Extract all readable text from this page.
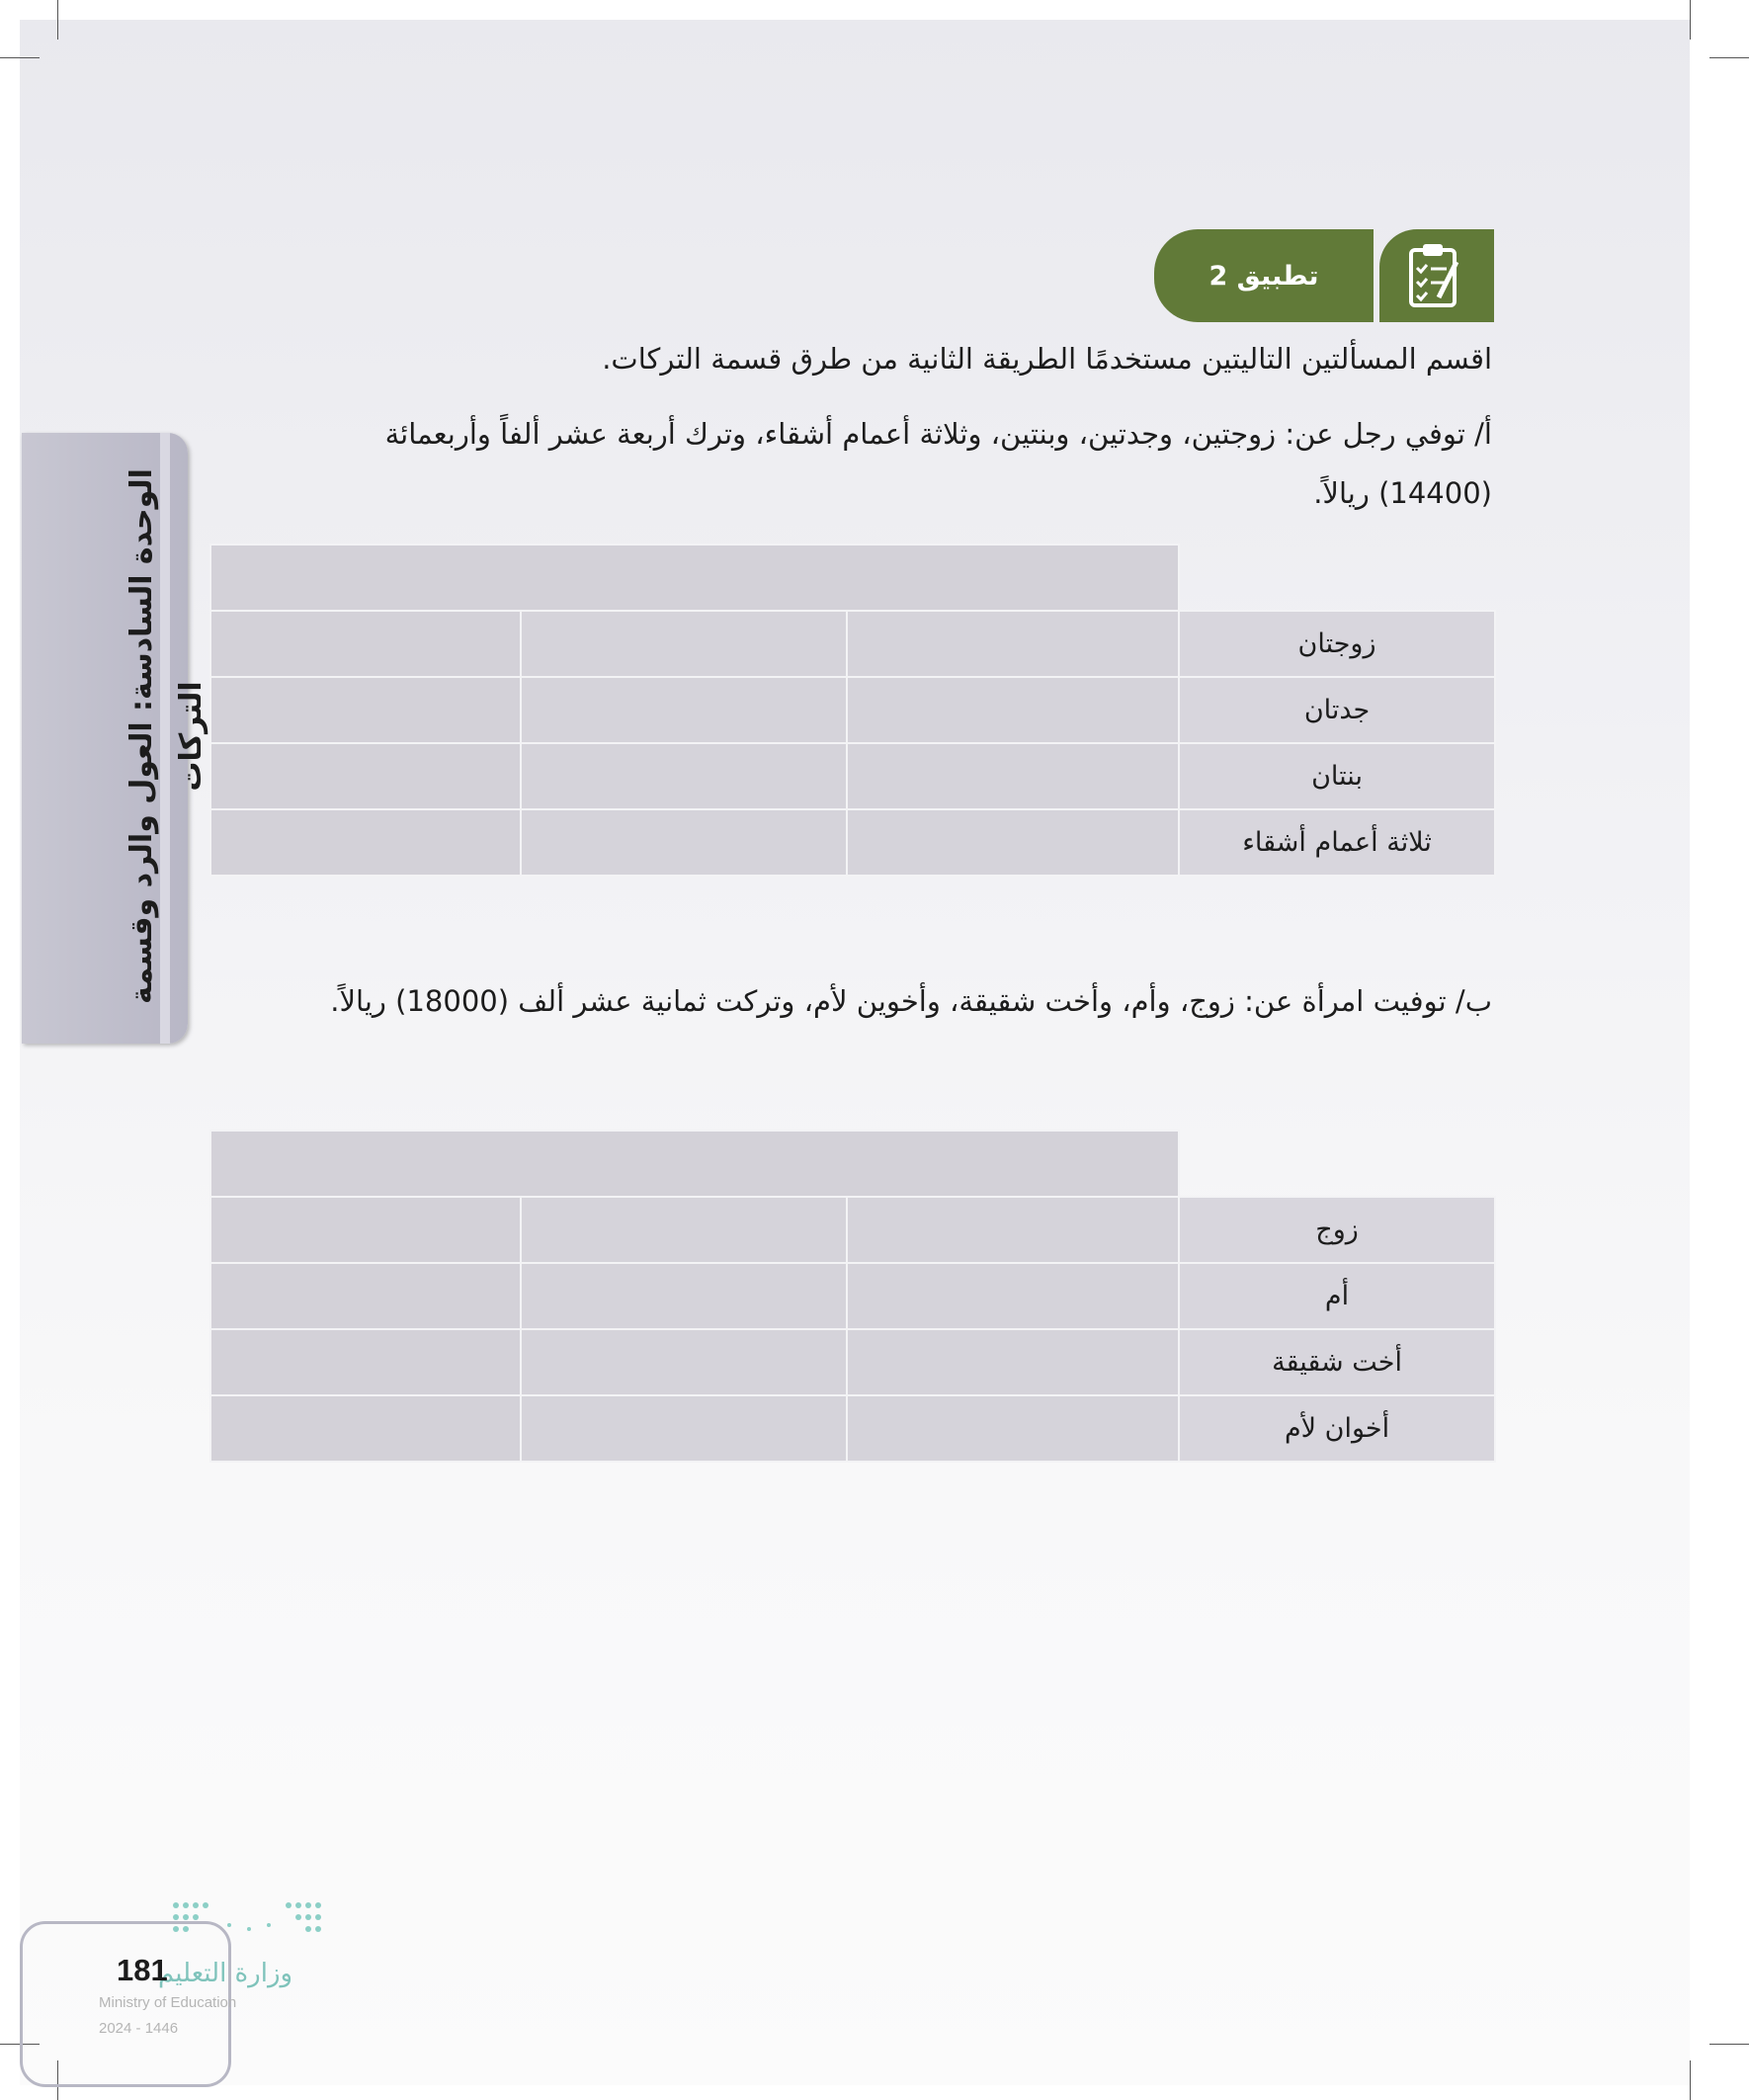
تطبيق 2
اقسم المسألتين التاليتين مستخدمًا الطريقة الثانية من طرق قسمة التركات.
أ/ توفي رجل عن: زوجتين، وجدتين، وبنتين، وثلاثة أعمام أشقاء، وترك أربعة عشر ألفاً وأربعمائة
(14400) ريالاً.

			زوجتان
			جدتان
			بنتان
			ثلاثة أعمام أشقاء
ب/ توفيت امرأة عن: زوج، وأم، وأخت شقيقة، وأخوين لأم، وتركت ثمانية عشر ألف (18000) ريالاً.

			زوج
			أم
			أخت شقيقة
			أخوان لأم
الوحدة السادسة: العول والرد وقسمة التركات
وزارة التعليم
181
Ministry of Education
2024 - 1446
